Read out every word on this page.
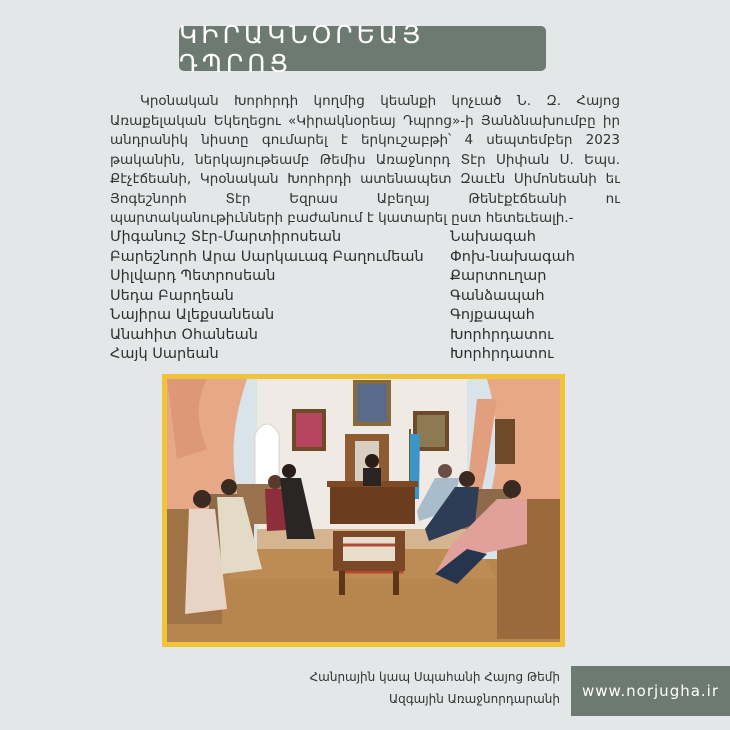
ԿԻՐԱԿՆՕՐԵԱՅ ԴՊՐՈՑ

Կրօնական Խորհրդի կողմից կեանքի կոչւած Ն. Զ. Հայոց Առաքելական Եկեղեցու «Կիրակնօրեայ Դպրոց»-ի Յանձնախումբը իր անդրանիկ նիստը գումարել է երկուշաբթի՝ 4 սեպտեմբեր 2023 թականին, ներկայութեամբ Թեմիս Առաջնորդ Տէր Սիփան Ս. Եպս. Քէչէճեանի, Կրօնական Խորհրդի ատենապետ Զաւէն Սիմոնեանի եւ Յոգեշնորհ Տէր Եզրաս Աբեղայ Թենէքէճեանի ու պարտականութիւնների բաժանում է կատարել ըստ հետեւեալի.-

Միգանուշ Տէր-Մարտիրոսեան	Նախագահ
Բարեշնորհ Արա Սարկաւագ Բաղումեան Փոխ-նախագահ
Սիլվարդ Պետրոսեան	Քարտուղար
Սեդա Բարղեան	Գանձապահ
Նայիրա Ալեքսանեան	Գոյքապահ
Անահիտ Օհանեան	Խորհրդատու
Հայկ Սարեան	Խորհրդատու
Հանրային կապ Սպահանի Հայոց Թեմի
Ազգային Առաջնորդարանի www.norjugha.ir
